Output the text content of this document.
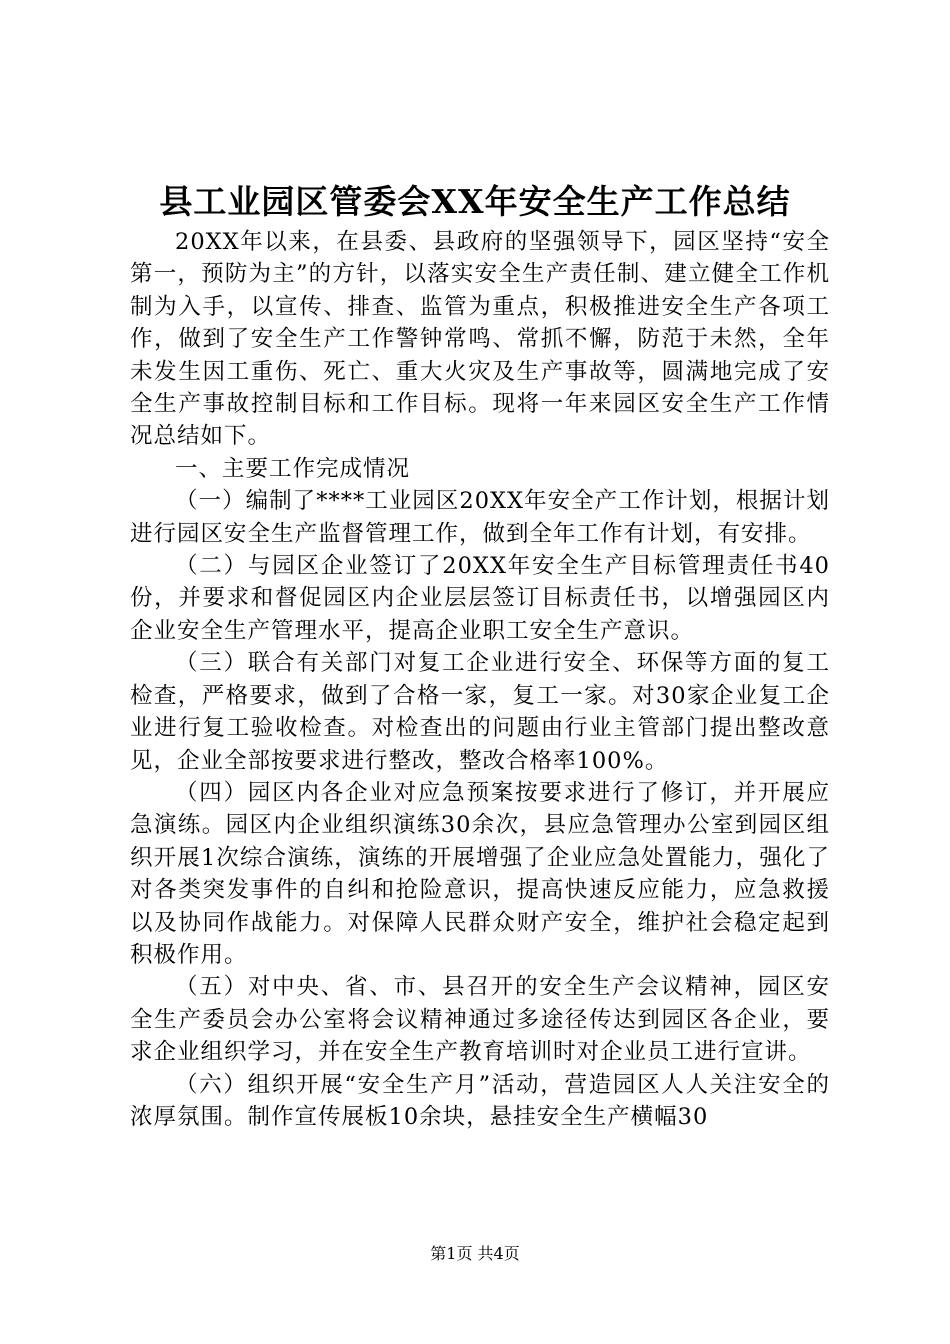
县工业园区管委会XX年安全生产工作总结

20XX年以来，在县委、县政府的坚强领导下，园区坚持“安全第一，预防为主”的方针，以落实安全生产责任制、建立健全工作机制为入手，以宣传、排查、监管为重点，积极推进安全生产各项工作，做到了安全生产工作警钟常鸣、常抓不懈，防范于未然，全年未发生因工重伤、死亡、重大火灾及生产事故等，圆满地完成了安全生产事故控制目标和工作目标。现将一年来园区安全生产工作情况总结如下。

一、主要工作完成情况

（一）编制了****工业园区20XX年安全产工作计划，根据计划进行园区安全生产监督管理工作，做到全年工作有计划，有安排。

（二）与园区企业签订了20XX年安全生产目标管理责任书40份，并要求和督促园区内企业层层签订目标责任书，以增强园区内企业安全生产管理水平，提高企业职工安全生产意识。

（三）联合有关部门对复工企业进行安全、环保等方面的复工检查，严格要求，做到了合格一家，复工一家。对30家企业复工企业进行复工验收检查。对检查出的问题由行业主管部门提出整改意见，企业全部按要求进行整改，整改合格率100%。

（四）园区内各企业对应急预案按要求进行了修订，并开展应急演练。园区内企业组织演练30余次，县应急管理办公室到园区组织开展1次综合演练，演练的开展增强了企业应急处置能力，强化了对各类突发事件的自纠和抢险意识，提高快速反应能力，应急救援以及协同作战能力。对保障人民群众财产安全，维护社会稳定起到积极作用。

（五）对中央、省、市、县召开的安全生产会议精神，园区安全生产委员会办公室将会议精神通过多途径传达到园区各企业，要求企业组织学习，并在安全生产教育培训时对企业员工进行宣讲。

（六）组织开展“安全生产月”活动，营造园区人人关注安全的浓厚氛围。制作宣传展板10余块，悬挂安全生产横幅30

第1页 共4页
